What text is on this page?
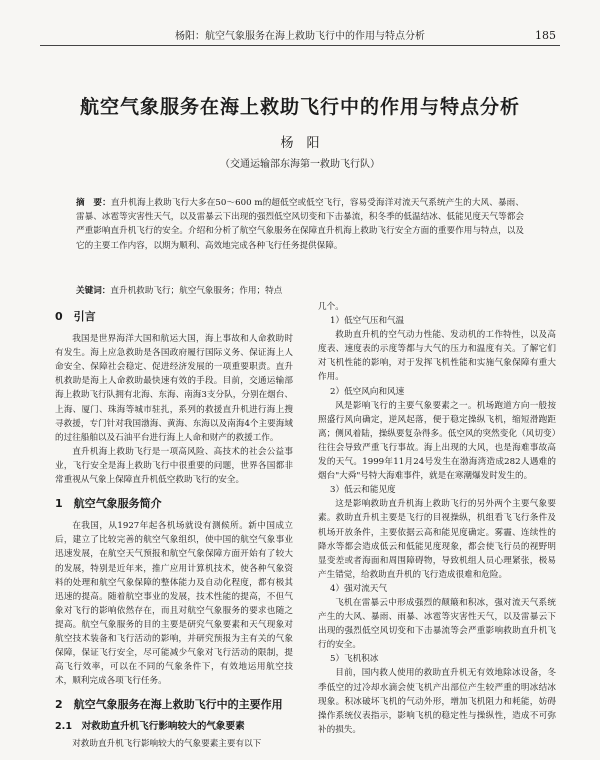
杨阳：航空气象服务在海上救助飞行中的作用与特点分析	185
航空气象服务在海上救助飞行中的作用与特点分析

杨　阳

（交通运输部东海第一救助飞行队）

摘　要：直升机海上救助飞行大多在50～600 m的超低空或低空飞行，容易受海洋对流天气系统产生的大风、暴雨、雷暴、冰雹等灾害性天气，以及雷暴云下出现的强烈低空风切变和下击暴流，积冬季的低温结冰、低能见度天气等都会严重影响直升机飞行的安全。介绍和分析了航空气象服务在保障直升机海上救助飞行安全方面的重要作用与特点，以及它的主要工作内容，以期为顺利、高效地完成各种飞行任务提供保障。

关键词：直升机救助飞行；航空气象服务；作用；特点

0　引言

我国是世界海洋大国和航运大国，海上事故和人命救助时有发生。海上应急救助是各国政府履行国际义务、保证海上人命安全、保障社会稳定、促进经济发展的一项重要职责。直升机救助是海上人命救助最快速有效的手段。目前，交通运输部海上救助飞行队拥有北海、东海、南海3支分队，分别在烟台、上海、厦门、珠海等城市驻扎，系列的救援直升机进行海上搜寻救援，专门针对我国渤海、黄海、东海以及南海4个主要海域的过往船舶以及石油平台进行海上人命和财产的救援工作。

直升机海上救助飞行是一项高风险、高技术的社会公益事业，飞行安全是海上救助飞行中很重要的问题，世界各国都非常重视从气象上保障直升机低空救助飞行的安全。

1　航空气象服务简介

在我国，从1927年起各机场就设有测候所。新中国成立后，建立了比较完善的航空气象组织，使中国的航空气象事业迅速发展，在航空天气预报和航空气象保障方面开始有了较大的发展，特别是近年来，推广应用计算机技术，使各种气象资料的处理和航空气象保障的整体能力及自动化程度，都有极其迅速的提高。随着航空事业的发展，技术性能的提高，不但气象对飞行的影响依然存在，而且对航空气象服务的要求也随之提高。航空气象服务的目的主要是研究气象要素和天气现象对航空技术装备和飞行活动的影响，并研究预报为主有关的气象保障，保证飞行安全，尽可能减少气象对飞行活动的限制，提高飞行效率，可以在不同的气象条件下，有效地运用航空技术，顺利完成各项飞行任务。

2　航空气象服务在海上救助飞行中的主要作用
2.1　对救助直升机飞行影响较大的气象要素

对救助直升机飞行影响较大的气象要素主要有以下

几个。

1）低空气压和气温

救助直升机的空气动力性能、发动机的工作特性，以及高度表、速度表的示度等都与大气的压力和温度有关。了解它们对飞机性能的影响，对于发挥飞机性能和实施气象保障有重大作用。

2）低空风向和风速

风是影响飞行的主要气象要素之一。机场跑道方向一般按照盛行风向确定，逆风起落，便于稳定操纵飞机，缩短滑跑距离；侧风着陆，操纵要复杂得多。低空风的突然变化（风切变）往往会导致严重飞行事故。海上出现的大风，也是海难事故高发的天气。1999年11月24号发生在渤海湾造成282人遇难的烟台"大舜"号特大海难事件，就是在寒潮爆发时发生的。

3）低云和能见度

这是影响救助直升机海上救助飞行的另外两个主要气象要素。救助直升机主要是飞行的目视操纵，机组看飞飞行条件及机场开放条件，主要依据云高和能见度确定。雾霾、连续性的降水等都会造成低云和低能见度现象，都会使飞行员的视野明显变差或者海面和周围障碍物，导致机组人员心理紧张，极易产生错觉，给救助直升机的飞行造成很难和危险。

4）强对流天气

飞机在雷暴云中形成强烈的颠簸和积冰，强对流天气系统产生的大风、暴雨、雨暴、冰雹等灾害性天气，以及雷暴云下出现的强烈低空风切变和下击暴流等会严重影响救助直升机飞行的安全。

5）飞机积冰

目前，国内救人使用的救助直升机无有效地除冰设备，冬季低空的过冷却水滴会使飞机产出部位产生较严重的明冰结冰现象。积冰破坏飞机的气动外形，增加飞机阻力和耗能，妨碍操作系统仪表指示，影响飞机的稳定性与操纵性，造成不可弥补的损失。
